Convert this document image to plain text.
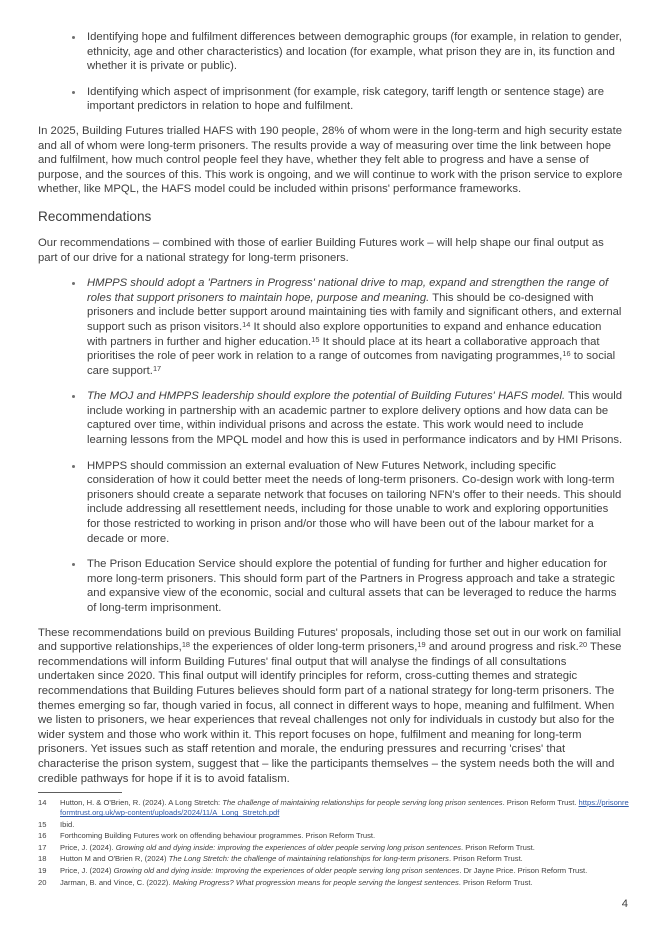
Identifying hope and fulfilment differences between demographic groups (for example, in relation to gender, ethnicity, age and other characteristics) and location (for example, what prison they are in, its function and whether it is private or public).
Identifying which aspect of imprisonment (for example, risk category, tariff length or sentence stage) are important predictors in relation to hope and fulfilment.

In 2025, Building Futures trialled HAFS with 190 people, 28% of whom were in the long-term and high security estate and all of whom were long-term prisoners. The results provide a way of measuring over time the link between hope and fulfilment, how much control people feel they have, whether they felt able to progress and have a sense of purpose, and the sources of this. This work is ongoing, and we will continue to work with the prison service to explore whether, like MPQL, the HAFS model could be included within prisons' performance frameworks.

Recommendations

Our recommendations – combined with those of earlier Building Futures work – will help shape our final output as part of our drive for a national strategy for long-term prisoners.

HMPPS should adopt a 'Partners in Progress' national drive to map, expand and strengthen the range of roles that support prisoners to maintain hope, purpose and meaning. This should be co-designed with prisoners and include better support around maintaining ties with family and significant others, and external support such as prison visitors.$^{14}$ It should also explore opportunities to expand and enhance education with partners in further and higher education.$^{15}$ It should place at its heart a collaborative approach that prioritises the role of peer work in relation to a range of outcomes from navigating programmes,$^{16}$ to social care support.$^{17}$
The MOJ and HMPPS leadership should explore the potential of Building Futures' HAFS model. This would include working in partnership with an academic partner to explore delivery options and how data can be captured over time, within individual prisons and across the estate. This work would need to include learning lessons from the MPQL model and how this is used in performance indicators and by HMI Prisons.
HMPPS should commission an external evaluation of New Futures Network, including specific consideration of how it could better meet the needs of long-term prisoners. Co-design work with long-term prisoners should create a separate network that focuses on tailoring NFN's offer to their needs. This should include addressing all resettlement needs, including for those unable to work and exploring opportunities for those restricted to working in prison and/or those who will have been out of the labour market for a decade or more.
The Prison Education Service should explore the potential of funding for further and higher education for more long-term prisoners. This should form part of the Partners in Progress approach and take a strategic and expansive view of the economic, social and cultural assets that can be leveraged to reduce the harms of long-term imprisonment.

These recommendations build on previous Building Futures' proposals, including those set out in our work on familial and supportive relationships,$^{18}$ the experiences of older long-term prisoners,$^{19}$ and around progress and risk.$^{20}$ These recommendations will inform Building Futures' final output that will analyse the findings of all consultations undertaken since 2020. This final output will identify principles for reform, cross-cutting themes and strategic recommendations that Building Futures believes should form part of a national strategy for long-term prisoners. The themes emerging so far, though varied in focus, all connect in different ways to hope, meaning and fulfilment. When we listen to prisoners, we hear experiences that reveal challenges not only for individuals in custody but also for the wider system and those who work within it. This report focuses on hope, fulfilment and meaning for long-term prisoners. Yet issues such as staff retention and morale, the enduring pressures and recurring 'crises' that characterise the prison system, suggest that – like the participants themselves – the system needs both the will and credible pathways for hope if it is to avoid fatalism.

14	Hutton, H. & O'Brien, R. (2024). A Long Stretch: The challenge of maintaining relationships for people serving long prison sentences. Prison Reform Trust. https://prisonreformtrust.org.uk/wp-content/uploads/2024/11/A_Long_Stretch.pdf
15	Ibid.
16	Forthcoming Building Futures work on offending behaviour programmes. Prison Reform Trust.
17	Price, J. (2024). Growing old and dying inside: improving the experiences of older people serving long prison sentences. Prison Reform Trust.
18	Hutton M and O'Brien R, (2024) The Long Stretch: the challenge of maintaining relationships for long-term prisoners. Prison Reform Trust.
19	Price, J. (2024) Growing old and dying inside: Improving the experiences of older people serving long prison sentences. Dr Jayne Price. Prison Reform Trust.
20	Jarman, B. and Vince, C. (2022). Making Progress? What progression means for people serving the longest sentences. Prison Reform Trust.
4
